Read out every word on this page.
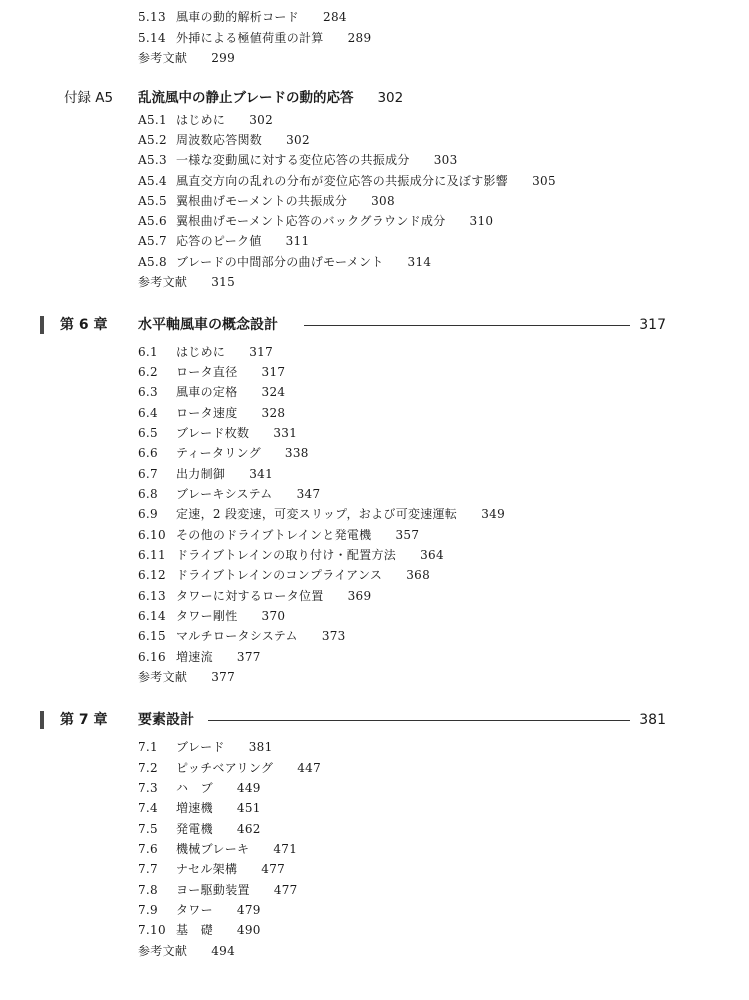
5.13 風車の動的解析コード 284
5.14 外挿による極値荷重の計算 289
参考文献 299
付録 A5 乱流風中の静止ブレードの動的応答 302
A5.1 はじめに 302
A5.2 周波数応答関数 302
A5.3 一様な変動風に対する変位応答の共振成分 303
A5.4 風直交方向の乱れの分布が変位応答の共振成分に及ぼす影響 305
A5.5 翼根曲げモーメントの共振成分 308
A5.6 翼根曲げモーメント応答のバックグラウンド成分 310
A5.7 応答のピーク値 311
A5.8 ブレードの中間部分の曲げモーメント 314
参考文献 315
第 6 章 水平軸風車の概念設計	317
6.1 はじめに 317
6.2 ロータ直径 317
6.3 風車の定格 324
6.4 ロータ速度 328
6.5 ブレード枚数 331
6.6 ティータリング 338
6.7 出力制御 341
6.8 ブレーキシステム 347
6.9 定速，2 段変速，可変スリップ，および可変速運転 349
6.10 その他のドライブトレインと発電機 357
6.11 ドライブトレインの取り付け・配置方法 364
6.12 ドライブトレインのコンプライアンス 368
6.13 タワーに対するロータ位置 369
6.14 タワー剛性 370
6.15 マルチロータシステム 373
6.16 増速流 377
参考文献 377
第 7 章 要素設計	381
7.1 ブレード 381
7.2 ピッチベアリング 447
7.3 ハ　ブ 449
7.4 増速機 451
7.5 発電機 462
7.6 機械ブレーキ 471
7.7 ナセル架構 477
7.8 ヨー駆動装置 477
7.9 タワー 479
7.10 基　礎 490
参考文献 494
